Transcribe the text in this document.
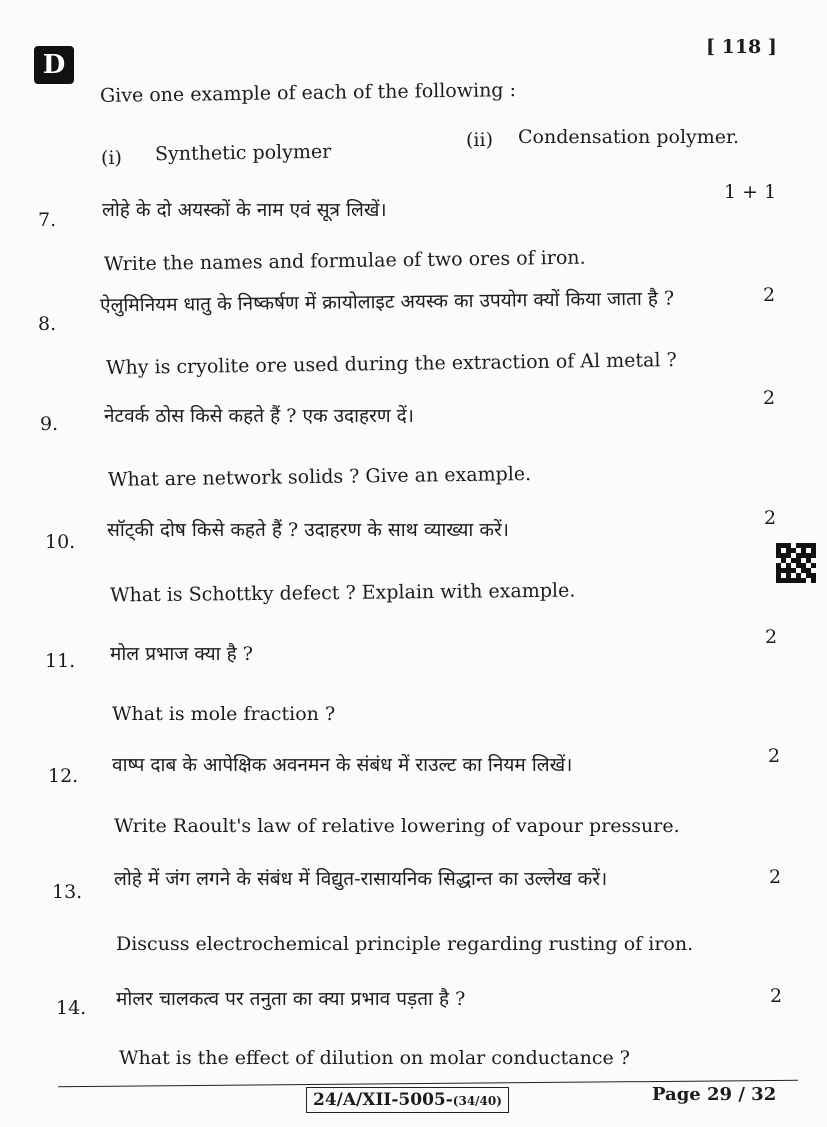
D
[ 118 ]
Give one example of each of the following :
(i) Synthetic polymer
(ii) Condensation polymer.
1 + 1
7. लोहे के दो अयस्कों के नाम एवं सूत्र लिखें।
Write the names and formulae of two ores of iron.
8.
ऐलुमिनियम धातु के निष्कर्षण में क्रायोलाइट अयस्क का उपयोग क्यों किया जाता है ?	2
Why is cryolite ore used during the extraction of Al metal ?
9. नेटवर्क ठोस किसे कहते हैं ? एक उदाहरण दें।
2
What are network solids ? Give an example.
10.
सॉट्की दोष किसे कहते हैं ? उदाहरण के साथ व्याख्या करें।
2
What is Schottky defect ? Explain with example.
11. मोल प्रभाज क्या है ?
2
What is mole fraction ?
12. वाष्प दाब के आपेक्षिक अवनमन के संबंध में राउल्ट का नियम लिखें।	2
Write Raoult's law of relative lowering of vapour pressure.
13.
लोहे में जंग लगने के संबंध में विद्युत-रासायनिक सिद्धान्त का उल्लेख करें।	2
Discuss electrochemical principle regarding rusting of iron.
14. मोलर चालकत्व पर तनुता का क्या प्रभाव पड़ता है ?	2
What is the effect of dilution on molar conductance ?
24/A/XII-5005-(34/40)	Page 29 / 32
